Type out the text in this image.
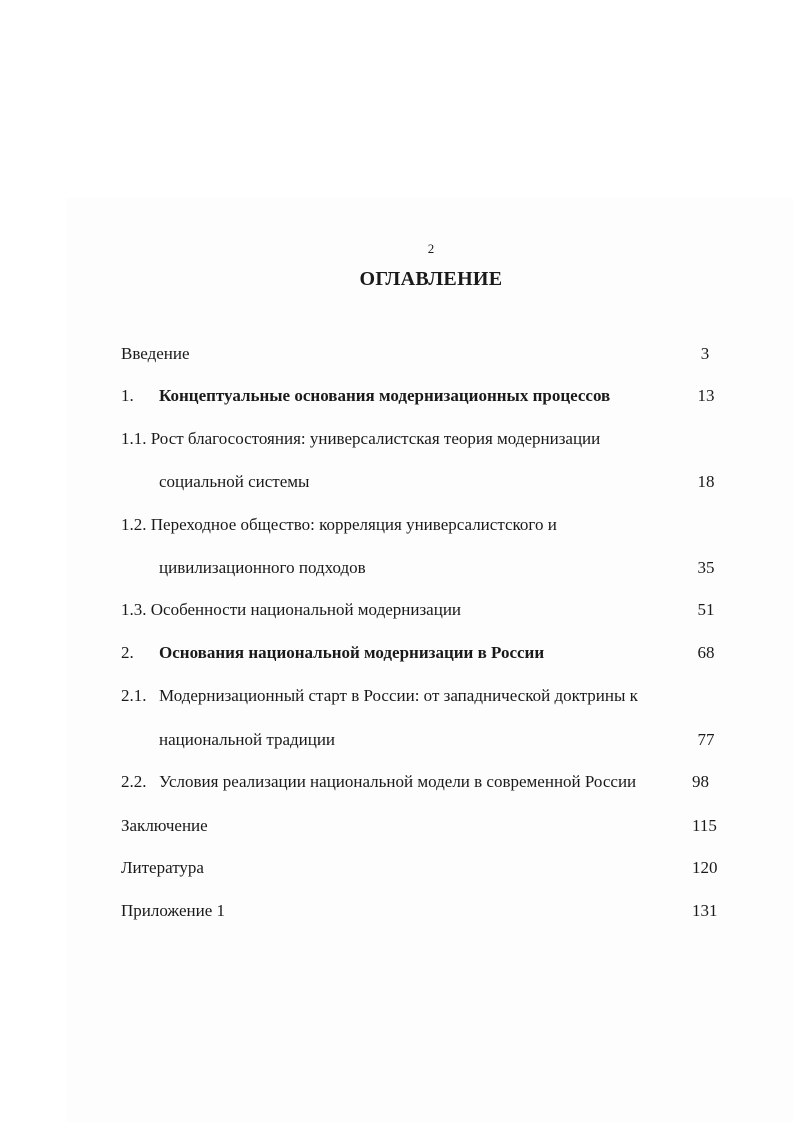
2
ОГЛАВЛЕНИЕ
Введение	3
1. Концептуальные основания модернизационных процессов	13
1.1. Рост благосостояния: универсалистская теория модернизации
социальной системы	18
1.2. Переходное общество: корреляция универсалистского и
цивилизационного подходов	35
1.3. Особенности национальной модернизации	51
2. Основания национальной модернизации в России	68
2.1. Модернизационный старт в России: от западнической доктрины к
национальной традиции	77
2.2. Условия реализации национальной модели в современной России	98
Заключение	115
Литература	120
Приложение 1	131
